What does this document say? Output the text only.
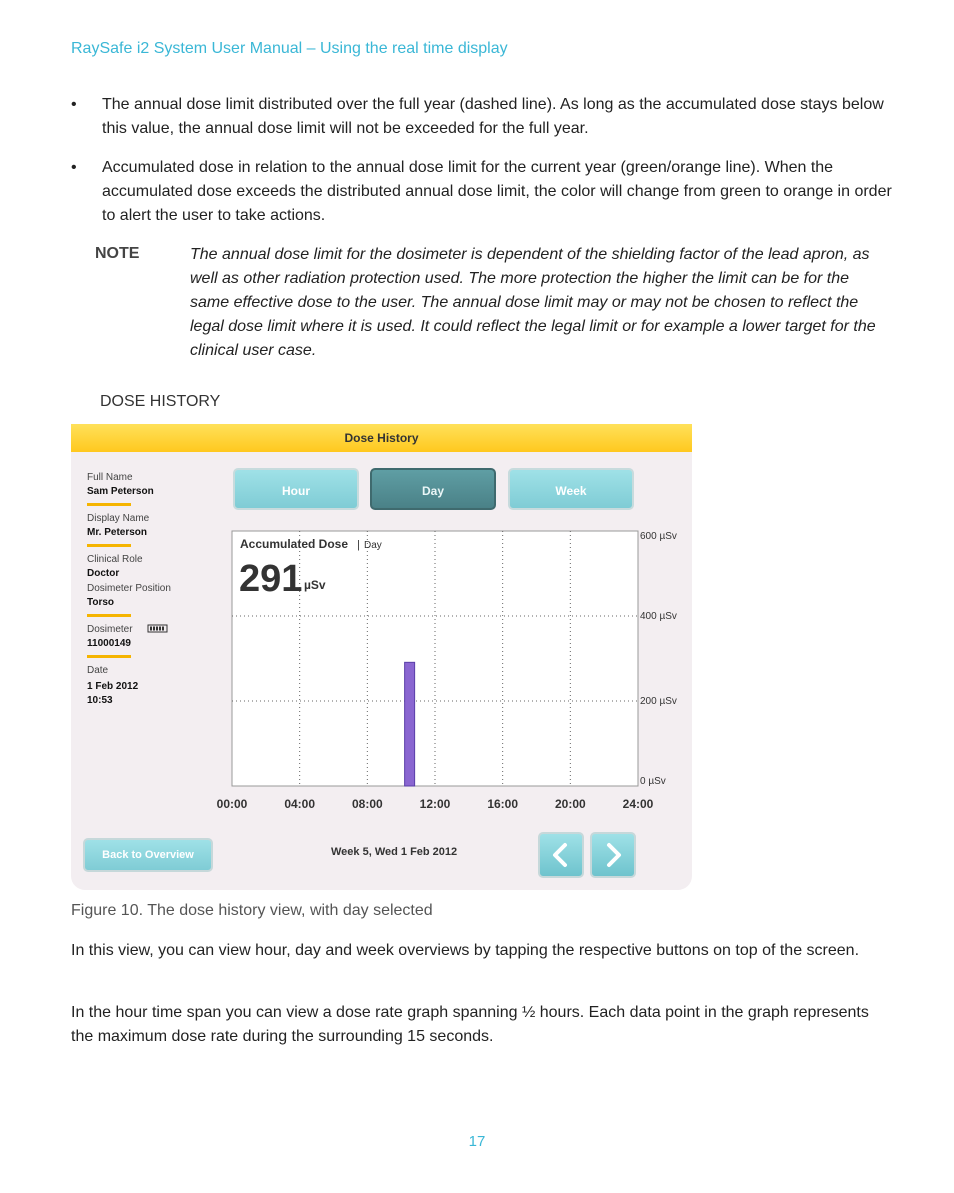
RaySafe i2 System User Manual – Using the real time display
• The annual dose limit distributed over the full year (dashed line). As long as the accumulated dose stays below this value, the annual dose limit will not be exceeded for the full year.
• Accumulated dose in relation to the annual dose limit for the current year (green/orange line). When the accumulated dose exceeds the distributed annual dose limit, the color will change from green to orange in order to alert the user to take actions.
NOTE	The annual dose limit for the dosimeter is dependent of the shielding factor of the lead apron, as well as other radiation protection used. The more protection the higher the limit can be for the same effective dose to the user. The annual dose limit may or may not be chosen to reflect the legal dose limit where it is used. It could reflect the legal limit or for example a lower target for the clinical user case.
DOSE HISTORY
Dose History
Full Name
Sam Peterson
Display Name
Mr. Peterson
Clinical Role
Doctor
Dosimeter Position
Torso
Dosimeter
11000149
Date
1 Feb 2012
10:53
Hour	Day	Week
600 µSv
400 µSv
200 µSv
0 µSv
00:00	04:00	08:00	12:00	16:00	20:00	24:00
Accumulated Dose | Day
291 µSv
Back to Overview	Week 5, Wed 1 Feb 2012
Figure 10. The dose history view, with day selected
In this view, you can view hour, day and week overviews by tapping the respective buttons on top of the screen.
In the hour time span you can view a dose rate graph spanning ½ hours. Each data point in the graph represents the maximum dose rate during the surrounding 15 seconds.
17
